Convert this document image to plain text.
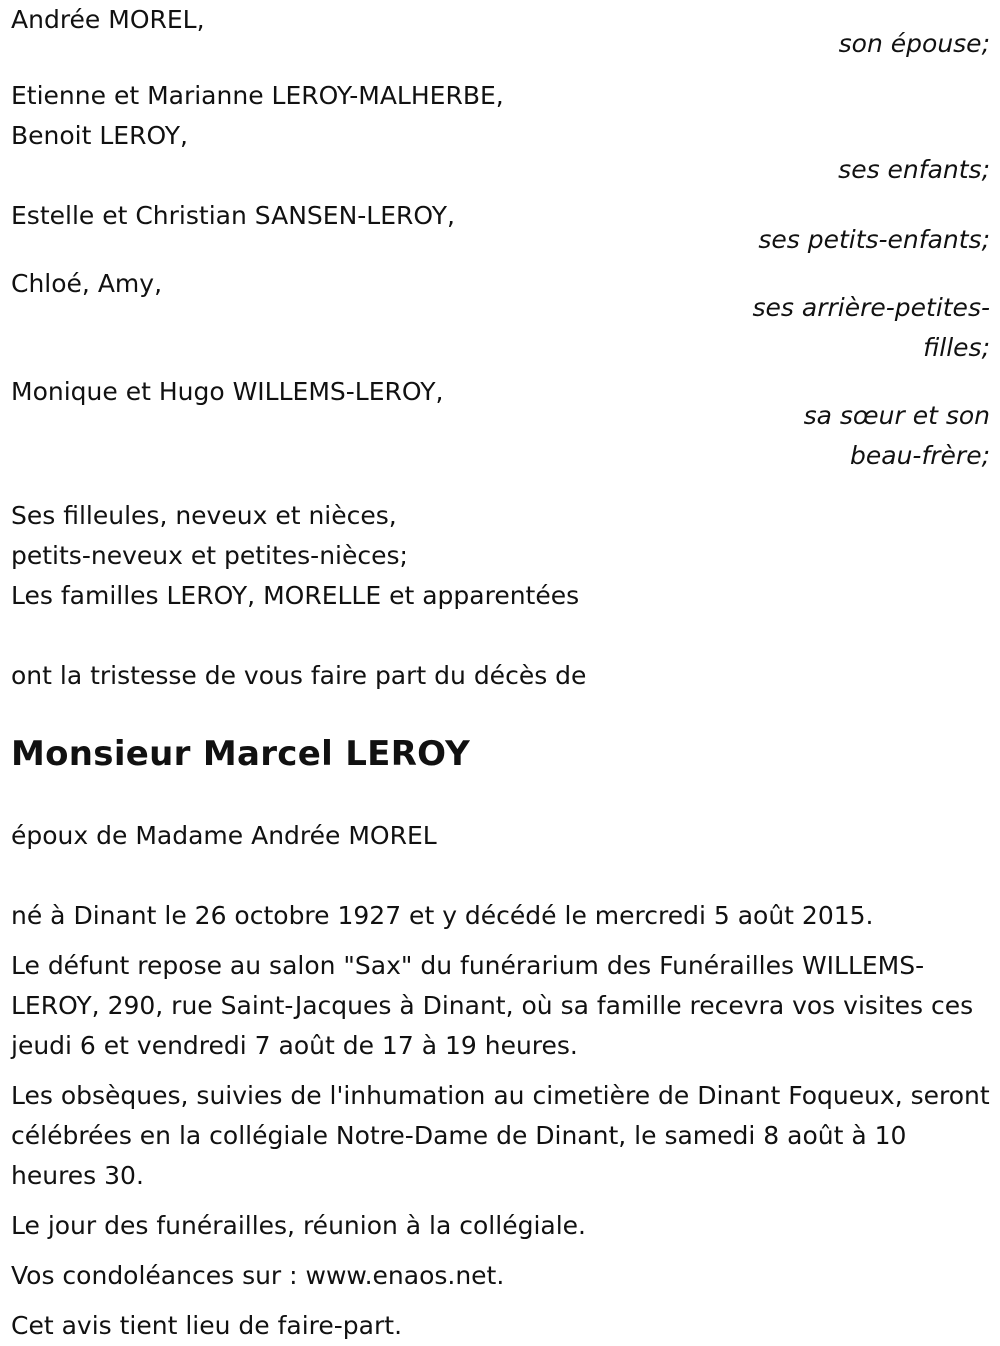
Andrée MOREL,

son épouse;

Etienne et Marianne LEROY-MALHERBE,

Benoit LEROY,

ses enfants;

Estelle et Christian SANSEN-LEROY,

ses petits-enfants;

Chloé, Amy,

ses arrière-petites-

filles;

Monique et Hugo WILLEMS-LEROY,

sa sœur et son

beau-frère;

Ses filleules, neveux et nièces,

petits-neveux et petites-nièces;

Les familles LEROY, MORELLE et apparentées

ont la tristesse de vous faire part du décès de

Monsieur Marcel LEROY

époux de Madame Andrée MOREL

né à Dinant le 26 octobre 1927 et y décédé le mercredi 5 août 2015.

Le défunt repose au salon "Sax" du funérarium des Funérailles WILLEMS-LEROY, 290, rue Saint-Jacques à Dinant, où sa famille recevra vos visites ces jeudi 6 et vendredi 7 août de 17 à 19 heures.

Les obsèques, suivies de l'inhumation au cimetière de Dinant Foqueux, seront célébrées en la collégiale Notre-Dame de Dinant, le samedi 8 août à 10 heures 30.

Le jour des funérailles, réunion à la collégiale.

Vos condoléances sur : www.enaos.net.

Cet avis tient lieu de faire-part.
